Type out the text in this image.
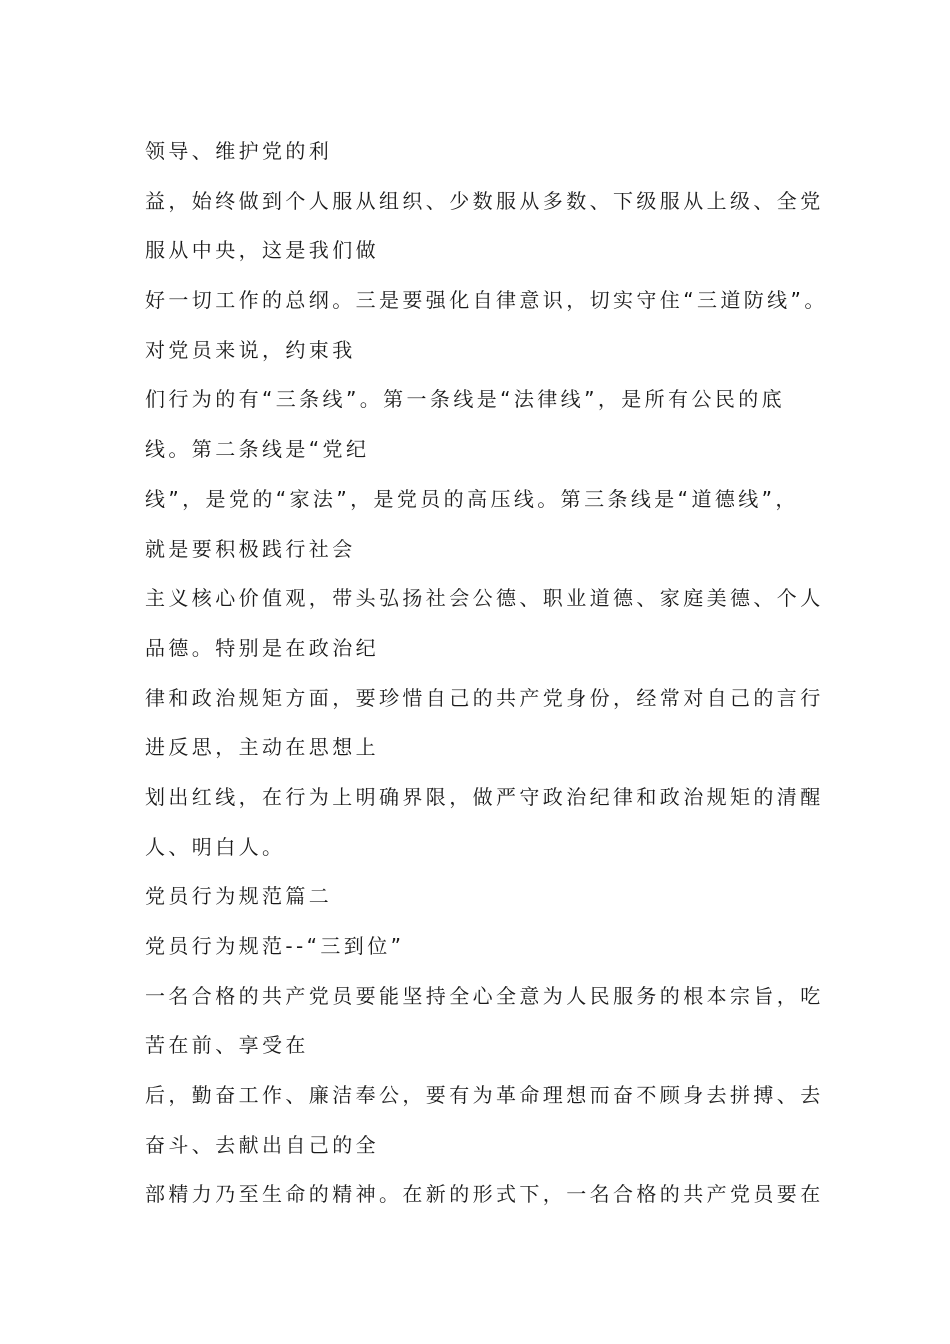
领导、维护党的利
益，始终做到个人服从组织、少数服从多数、下级服从上级、全党
服从中央，这是我们做
好一切工作的总纲。三是要强化自律意识，切实守住“三道防线”。
对党员来说，约束我
们行为的有“三条线”。第一条线是“法律线”，是所有公民的底
线。第二条线是“党纪
线”，是党的“家法”，是党员的高压线。第三条线是“道德线”，
就是要积极践行社会
主义核心价值观，带头弘扬社会公德、职业道德、家庭美德、个人
品德。特别是在政治纪
律和政治规矩方面，要珍惜自己的共产党身份，经常对自己的言行
进反思，主动在思想上
划出红线，在行为上明确界限，做严守政治纪律和政治规矩的清醒
人、明白人。
党员行为规范篇二
党员行为规范--“三到位”
一名合格的共产党员要能坚持全心全意为人民服务的根本宗旨，吃
苦在前、享受在
后，勤奋工作、廉洁奉公，要有为革命理想而奋不顾身去拼搏、去
奋斗、去献出自己的全
部精力乃至生命的精神。在新的形式下，一名合格的共产党员要在
